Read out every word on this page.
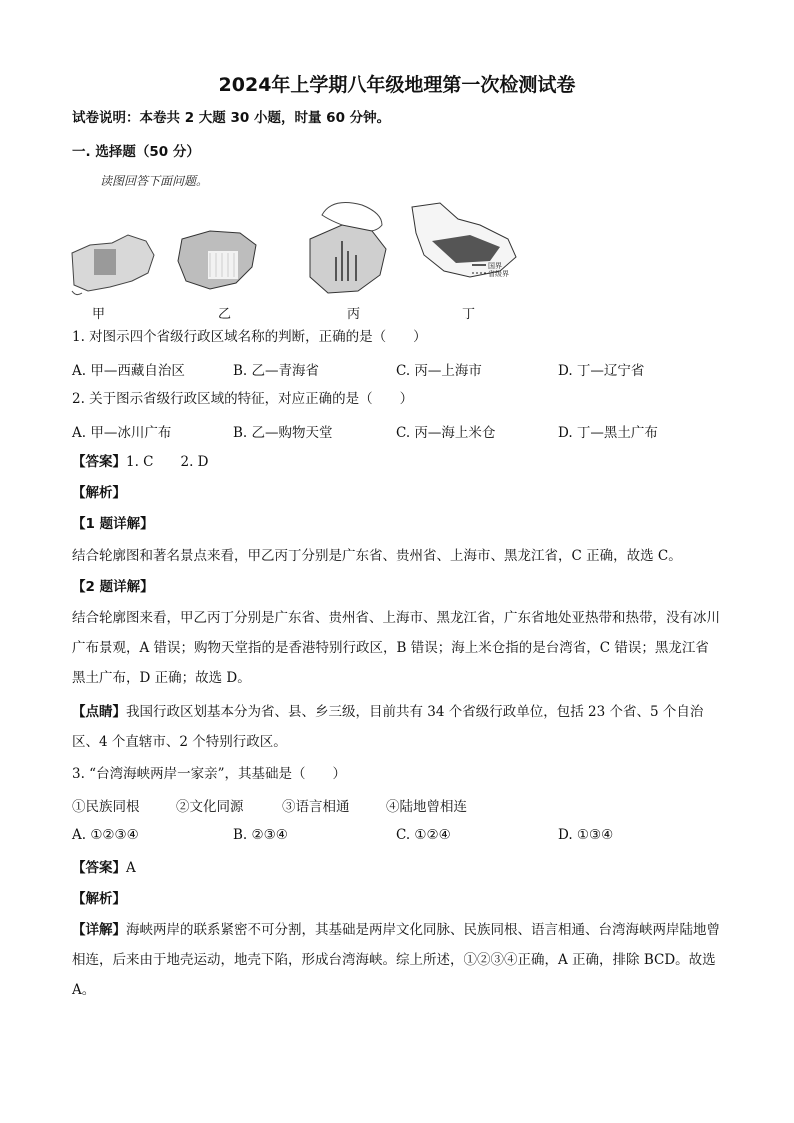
2024年上学期八年级地理第一次检测试卷
试卷说明：本卷共 2 大题 30 小题，时量 60 分钟。
一. 选择题（50 分）
读图回答下面问题。
国界
省级界
甲	乙	丙	丁
1. 对图示四个省级行政区域名称的判断，正确的是（　　）
A. 甲—西藏自治区	B. 乙—青海省	C. 丙—上海市	D. 丁—辽宁省
2. 关于图示省级行政区域的特征，对应正确的是（　　）
A. 甲—冰川广布	B. 乙—购物天堂	C. 丙—海上米仓	D. 丁—黑土广布
【答案】1. C　　2. D
【解析】
【1 题详解】
结合轮廓图和著名景点来看，甲乙丙丁分别是广东省、贵州省、上海市、黑龙江省，C 正确，故选 C。
【2 题详解】
结合轮廓图来看，甲乙丙丁分别是广东省、贵州省、上海市、黑龙江省，广东省地处亚热带和热带，没有冰川广布景观，A 错误；购物天堂指的是香港特别行政区，B 错误；海上米仓指的是台湾省，C 错误；黑龙江省黑土广布，D 正确；故选 D。
【点睛】我国行政区划基本分为省、县、乡三级，目前共有 34 个省级行政单位，包括 23 个省、5 个自治区、4 个直辖市、2 个特别行政区。
3. “台湾海峡两岸一家亲”，其基础是（　　）
①民族同根	②文化同源	③语言相通	④陆地曾相连
A. ①②③④	B. ②③④	C. ①②④	D. ①③④
【答案】A
【解析】
【详解】海峡两岸的联系紧密不可分割，其基础是两岸文化同脉、民族同根、语言相通、台湾海峡两岸陆地曾相连，后来由于地壳运动，地壳下陷，形成台湾海峡。综上所述，①②③④正确，A 正确，排除 BCD。故选 A。
